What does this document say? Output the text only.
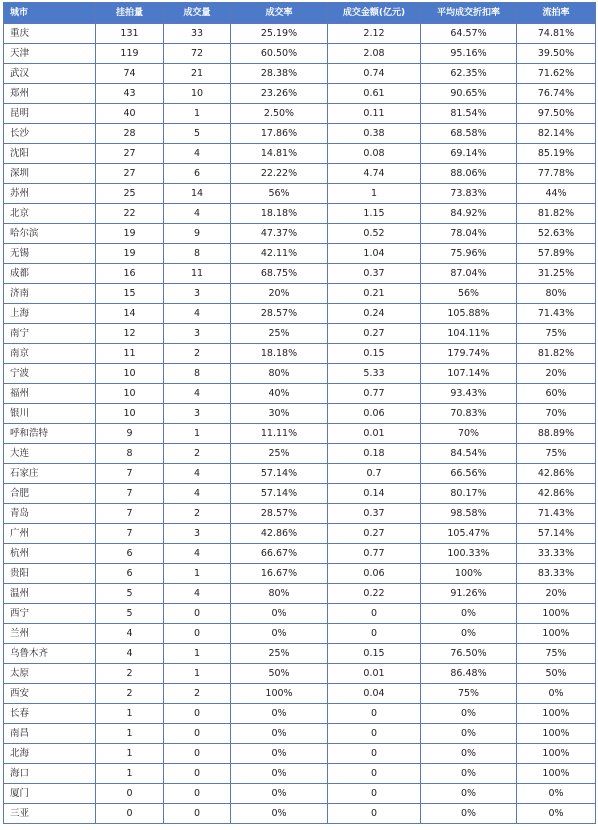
城市	挂拍量	成交量	成交率	成交金额(亿元)	平均成交折扣率	流拍率
重庆	131	33	25.19%	2.12	64.57%	74.81%
天津	119	72	60.50%	2.08	95.16%	39.50%
武汉	74	21	28.38%	0.74	62.35%	71.62%
郑州	43	10	23.26%	0.61	90.65%	76.74%
昆明	40	1	2.50%	0.11	81.54%	97.50%
长沙	28	5	17.86%	0.38	68.58%	82.14%
沈阳	27	4	14.81%	0.08	69.14%	85.19%
深圳	27	6	22.22%	4.74	88.06%	77.78%
苏州	25	14	56%	1	73.83%	44%
北京	22	4	18.18%	1.15	84.92%	81.82%
哈尔滨	19	9	47.37%	0.52	78.04%	52.63%
无锡	19	8	42.11%	1.04	75.96%	57.89%
成都	16	11	68.75%	0.37	87.04%	31.25%
济南	15	3	20%	0.21	56%	80%
上海	14	4	28.57%	0.24	105.88%	71.43%
南宁	12	3	25%	0.27	104.11%	75%
南京	11	2	18.18%	0.15	179.74%	81.82%
宁波	10	8	80%	5.33	107.14%	20%
福州	10	4	40%	0.77	93.43%	60%
银川	10	3	30%	0.06	70.83%	70%
呼和浩特	9	1	11.11%	0.01	70%	88.89%
大连	8	2	25%	0.18	84.54%	75%
石家庄	7	4	57.14%	0.7	66.56%	42.86%
合肥	7	4	57.14%	0.14	80.17%	42.86%
青岛	7	2	28.57%	0.37	98.58%	71.43%
广州	7	3	42.86%	0.27	105.47%	57.14%
杭州	6	4	66.67%	0.77	100.33%	33.33%
贵阳	6	1	16.67%	0.06	100%	83.33%
温州	5	4	80%	0.22	91.26%	20%
西宁	5	0	0%	0	0%	100%
兰州	4	0	0%	0	0%	100%
乌鲁木齐	4	1	25%	0.15	76.50%	75%
太原	2	1	50%	0.01	86.48%	50%
西安	2	2	100%	0.04	75%	0%
长春	1	0	0%	0	0%	100%
南昌	1	0	0%	0	0%	100%
北海	1	0	0%	0	0%	100%
海口	1	0	0%	0	0%	100%
厦门	0	0	0%	0	0%	0%
三亚	0	0	0%	0	0%	0%
